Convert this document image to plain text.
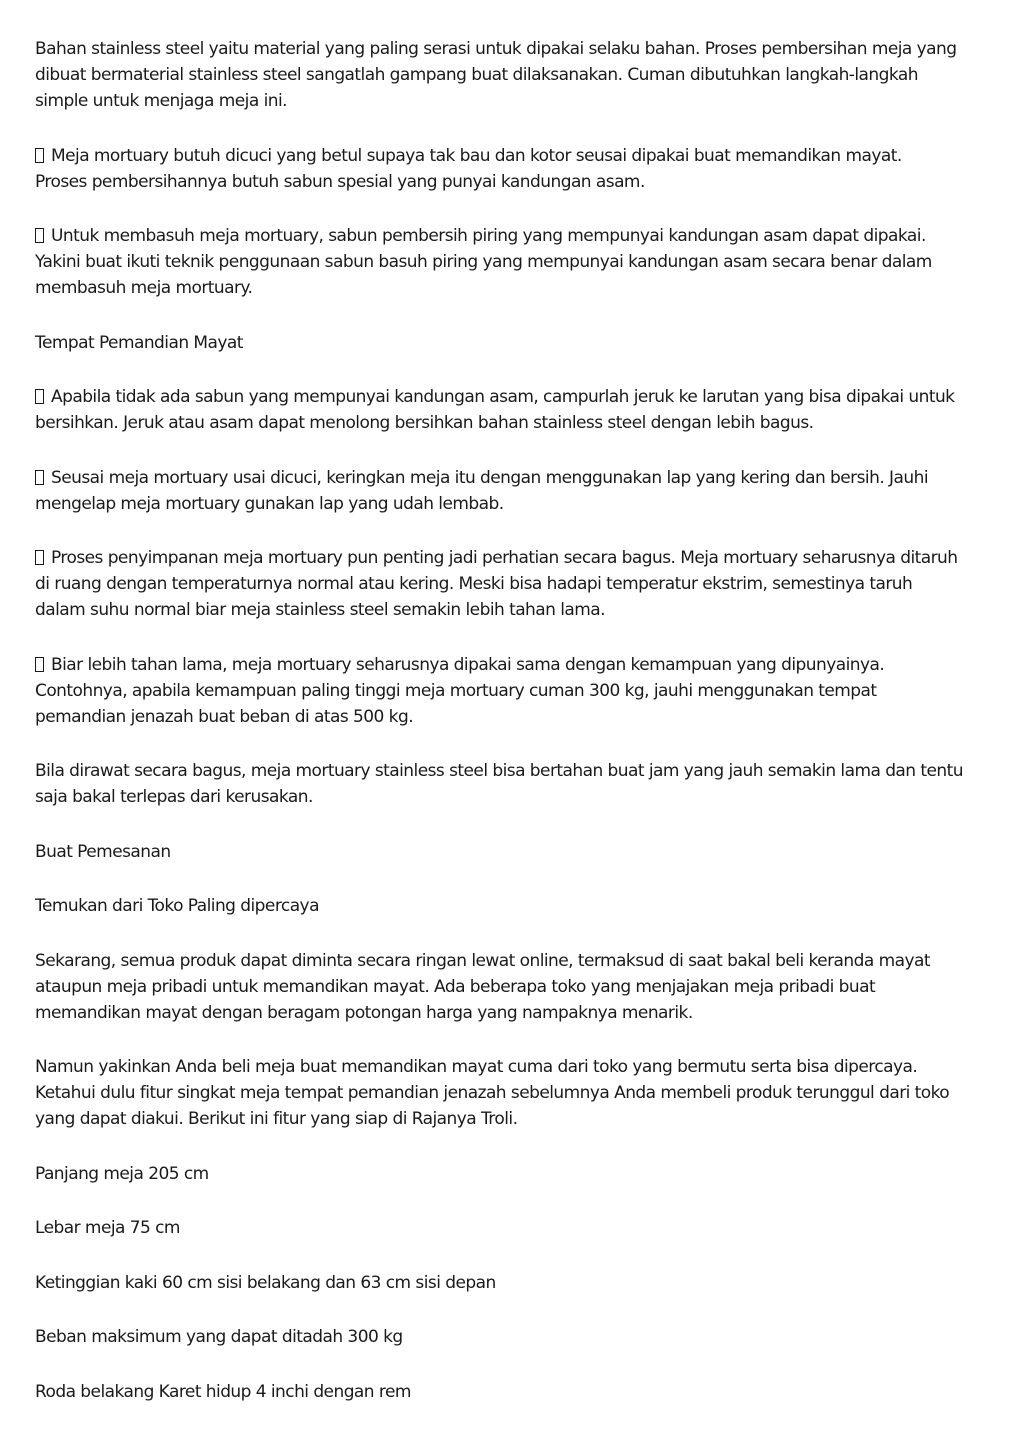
Bahan stainless steel yaitu material yang paling serasi untuk dipakai selaku bahan. Proses pembersihan meja yang
dibuat bermaterial stainless steel sangatlah gampang buat dilaksanakan. Cuman dibutuhkan langkah-langkah
simple untuk menjaga meja ini.

Meja mortuary butuh dicuci yang betul supaya tak bau dan kotor seusai dipakai buat memandikan mayat.
Proses pembersihannya butuh sabun spesial yang punyai kandungan asam.

Untuk membasuh meja mortuary, sabun pembersih piring yang mempunyai kandungan asam dapat dipakai.
Yakini buat ikuti teknik penggunaan sabun basuh piring yang mempunyai kandungan asam secara benar dalam
membasuh meja mortuary.

Tempat Pemandian Mayat

Apabila tidak ada sabun yang mempunyai kandungan asam, campurlah jeruk ke larutan yang bisa dipakai untuk
bersihkan. Jeruk atau asam dapat menolong bersihkan bahan stainless steel dengan lebih bagus.

Seusai meja mortuary usai dicuci, keringkan meja itu dengan menggunakan lap yang kering dan bersih. Jauhi
mengelap meja mortuary gunakan lap yang udah lembab.

Proses penyimpanan meja mortuary pun penting jadi perhatian secara bagus. Meja mortuary seharusnya ditaruh
di ruang dengan temperaturnya normal atau kering. Meski bisa hadapi temperatur ekstrim, semestinya taruh
dalam suhu normal biar meja stainless steel semakin lebih tahan lama.

Biar lebih tahan lama, meja mortuary seharusnya dipakai sama dengan kemampuan yang dipunyainya.
Contohnya, apabila kemampuan paling tinggi meja mortuary cuman 300 kg, jauhi menggunakan tempat
pemandian jenazah buat beban di atas 500 kg.

Bila dirawat secara bagus, meja mortuary stainless steel bisa bertahan buat jam yang jauh semakin lama dan tentu
saja bakal terlepas dari kerusakan.

Buat Pemesanan

Temukan dari Toko Paling dipercaya

Sekarang, semua produk dapat diminta secara ringan lewat online, termaksud di saat bakal beli keranda mayat
ataupun meja pribadi untuk memandikan mayat. Ada beberapa toko yang menjajakan meja pribadi buat
memandikan mayat dengan beragam potongan harga yang nampaknya menarik.

Namun yakinkan Anda beli meja buat memandikan mayat cuma dari toko yang bermutu serta bisa dipercaya.
Ketahui dulu fitur singkat meja tempat pemandian jenazah sebelumnya Anda membeli produk terunggul dari toko
yang dapat diakui. Berikut ini fitur yang siap di Rajanya Troli.

Panjang meja 205 cm

Lebar meja 75 cm

Ketinggian kaki 60 cm sisi belakang dan 63 cm sisi depan

Beban maksimum yang dapat ditadah 300 kg

Roda belakang Karet hidup 4 inchi dengan rem
